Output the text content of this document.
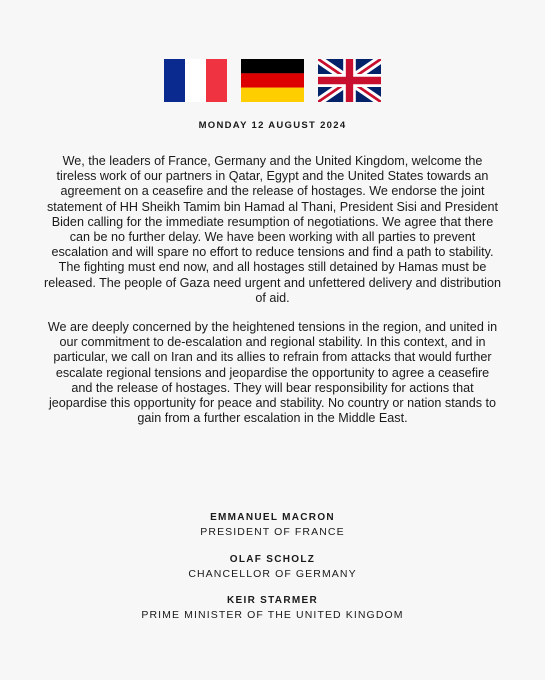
MONDAY 12 AUGUST 2024

We, the leaders of France, Germany and the United Kingdom, welcome the tireless work of our partners in Qatar, Egypt and the United States towards an agreement on a ceasefire and the release of hostages. We endorse the joint statement of HH Sheikh Tamim bin Hamad al Thani, President Sisi and President Biden calling for the immediate resumption of negotiations. We agree that there can be no further delay. We have been working with all parties to prevent escalation and will spare no effort to reduce tensions and find a path to stability. The fighting must end now, and all hostages still detained by Hamas must be released. The people of Gaza need urgent and unfettered delivery and distribution of aid.

We are deeply concerned by the heightened tensions in the region, and united in our commitment to de-escalation and regional stability. In this context, and in particular, we call on Iran and its allies to refrain from attacks that would further escalate regional tensions and jeopardise the opportunity to agree a ceasefire and the release of hostages. They will bear responsibility for actions that jeopardise this opportunity for peace and stability. No country or nation stands to gain from a further escalation in the Middle East.

EMMANUEL MACRON
PRESIDENT OF FRANCE
OLAF SCHOLZ
CHANCELLOR OF GERMANY
KEIR STARMER
PRIME MINISTER OF THE UNITED KINGDOM
